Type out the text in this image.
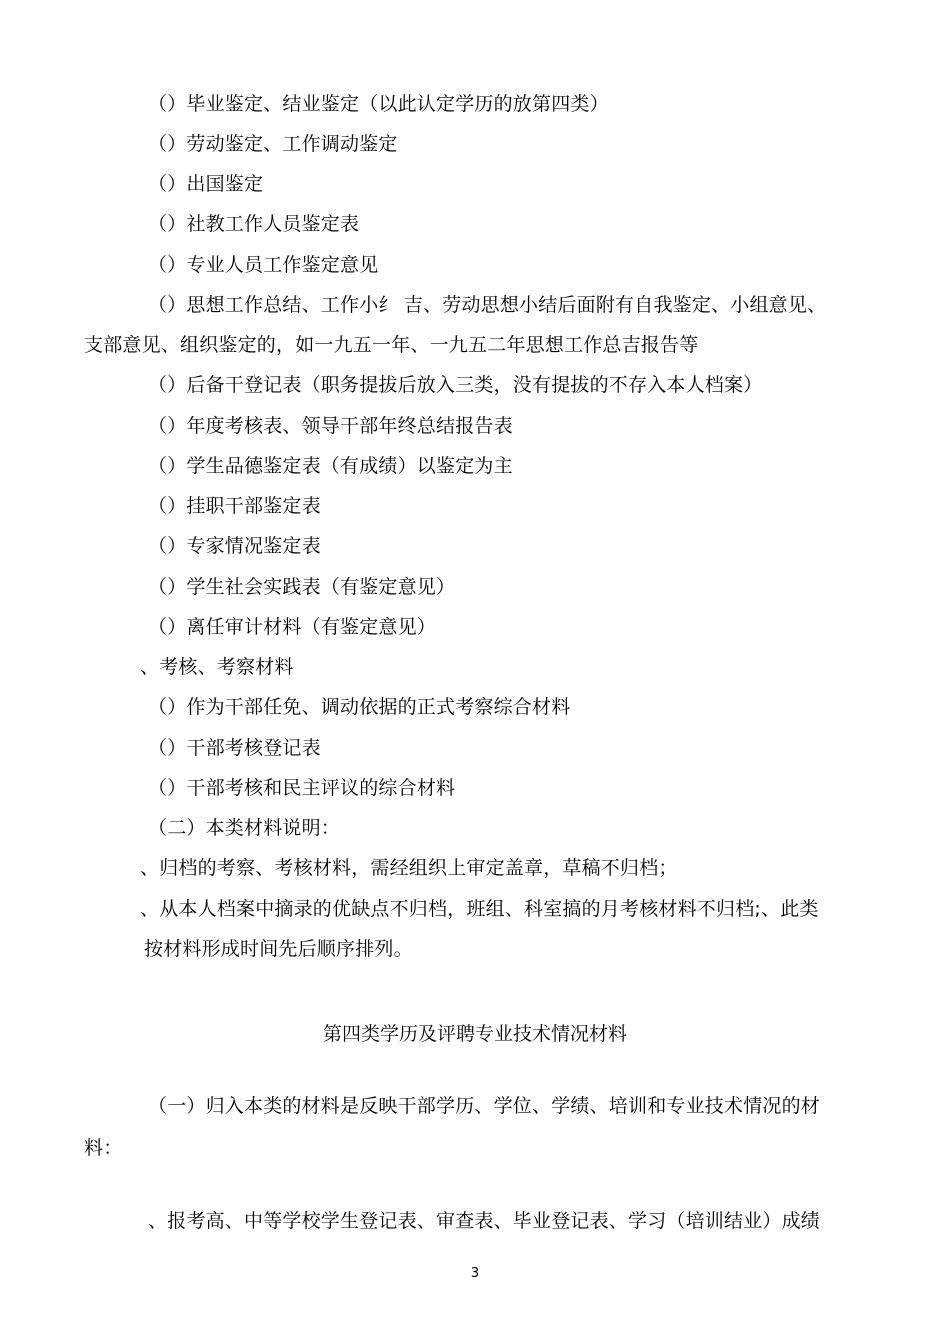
（）毕业鉴定、结业鉴定（以此认定学历的放第四类）
（）劳动鉴定、工作调动鉴定
（）出国鉴定
（）社教工作人员鉴定表
（）专业人员工作鉴定意见
（）思想工作总结、工作小纟 吉、劳动思想小结后面附有自我鉴定、小组意见、
支部意见、组织鉴定的，如一九五一年、一九五二年思想工作总吉报告等
（）后备干登记表（职务提拔后放入三类，没有提拔的不存入本人档案）
（）年度考核表、领导干部年终总结报告表
（）学生品德鉴定表（有成绩）以鉴定为主
（）挂职干部鉴定表
（）专家情况鉴定表
（）学生社会实践表（有鉴定意见）
（）离任审计材料（有鉴定意见）
、考核、考察材料
（）作为干部任免、调动依据的正式考察综合材料
（）干部考核登记表
（）干部考核和民主评议的综合材料
（二）本类材料说明：
、归档的考察、考核材料，需经组织上审定盖章，草稿不归档；
、从本人档案中摘录的优缺点不归档，班组、科室搞的月考核材料不归档;、此类
按材料形成时间先后顺序排列。
第四类学历及评聘专业技术情况材料
（一）归入本类的材料是反映干部学历、学位、学绩、培训和专业技术情况的材
料：
、报考高、中等学校学生登记表、审查表、毕业登记表、学习（培训结业）成绩
3
